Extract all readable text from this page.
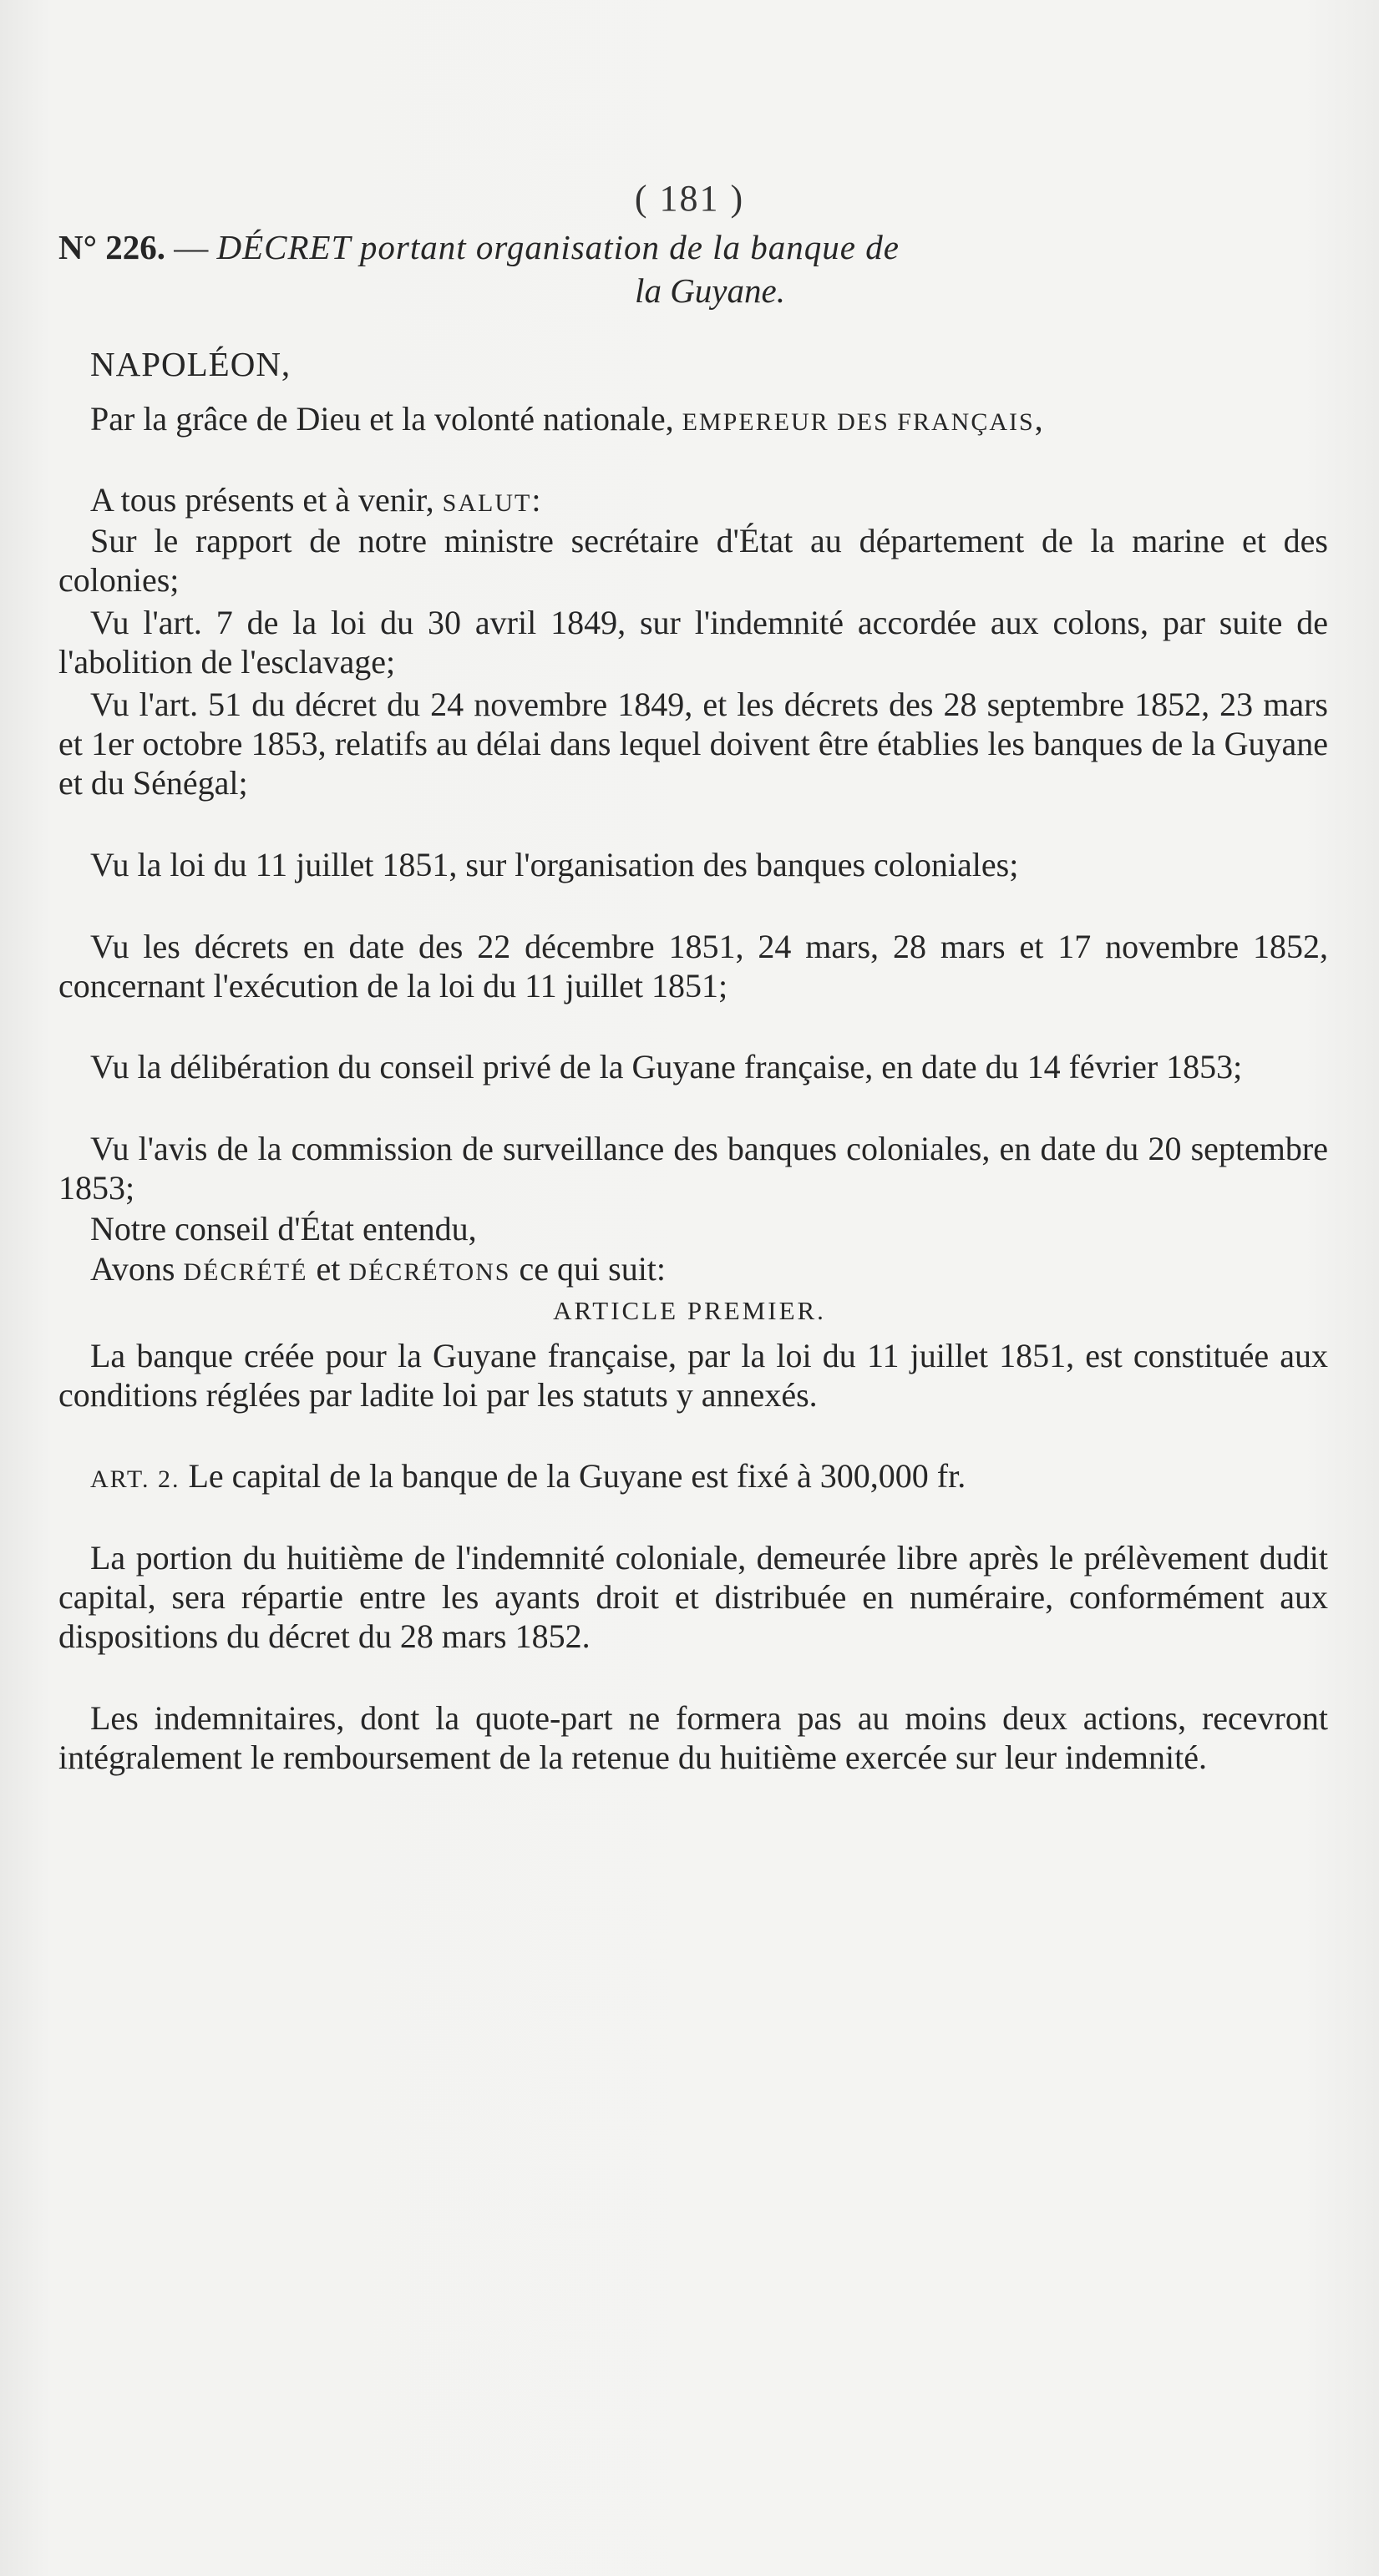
( 181 )
N° 226. — DÉCRET portant organisation de la banque de
la Guyane.
NAPOLÉON,
Par la grâce de Dieu et la volonté nationale, EMPEREUR DES FRANÇAIS,
A tous présents et à venir, SALUT:
Sur le rapport de notre ministre secrétaire d'État au département de la marine et des colonies;
Vu l'art. 7 de la loi du 30 avril 1849, sur l'indemnité accordée aux colons, par suite de l'abolition de l'esclavage;
Vu l'art. 51 du décret du 24 novembre 1849, et les décrets des 28 septembre 1852, 23 mars et 1er octobre 1853, relatifs au délai dans lequel doivent être établies les banques de la Guyane et du Sénégal;
Vu la loi du 11 juillet 1851, sur l'organisation des banques coloniales;
Vu les décrets en date des 22 décembre 1851, 24 mars, 28 mars et 17 novembre 1852, concernant l'exécution de la loi du 11 juillet 1851;
Vu la délibération du conseil privé de la Guyane française, en date du 14 février 1853;
Vu l'avis de la commission de surveillance des banques coloniales, en date du 20 septembre 1853;
Notre conseil d'État entendu,
Avons DÉCRÉTÉ et DÉCRÉTONS ce qui suit:
ARTICLE PREMIER.
La banque créée pour la Guyane française, par la loi du 11 juillet 1851, est constituée aux conditions réglées par ladite loi par les statuts y annexés.
ART. 2. Le capital de la banque de la Guyane est fixé à 300,000 fr.
La portion du huitième de l'indemnité coloniale, demeurée libre après le prélèvement dudit capital, sera répartie entre les ayants droit et distribuée en numéraire, conformément aux dispositions du décret du 28 mars 1852.
Les indemnitaires, dont la quote-part ne formera pas au moins deux actions, recevront intégralement le remboursement de la retenue du huitième exercée sur leur indemnité.
